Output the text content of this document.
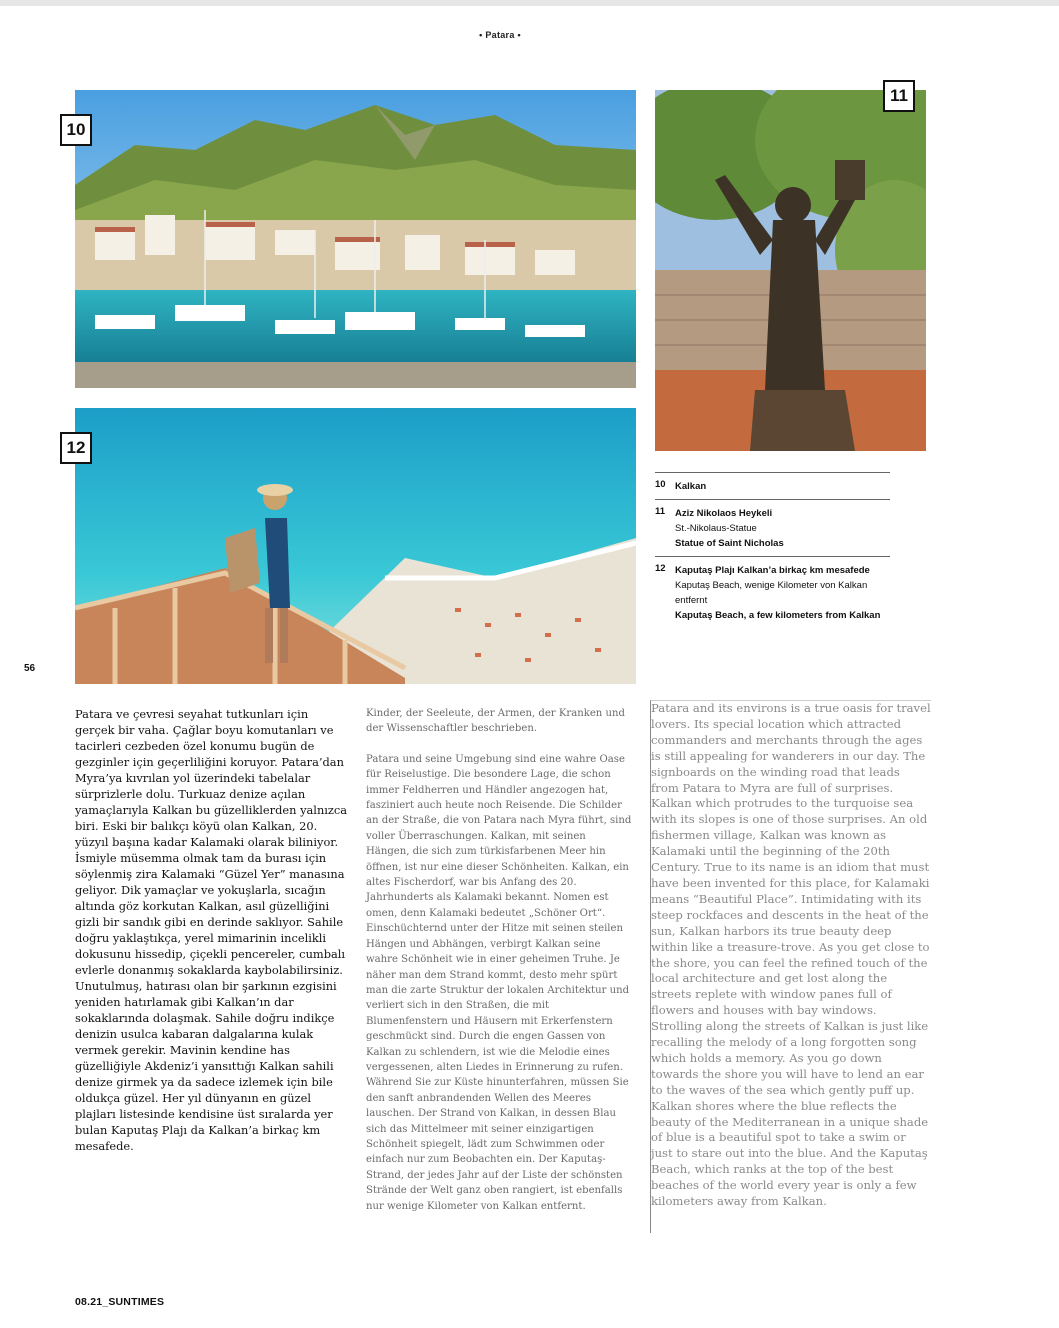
• Patara •
10
11
12
10 Kalkan
11	Aziz Nikolaos Heykeli
St.-Nikolaus-Statue
Statue of Saint Nicholas
12 Kaputaş Plajı Kalkan’a birkaç km mesafede
Kaputaş Beach, wenige Kilometer von Kalkan entfernt
Kaputaş Beach, a few kilometers from Kalkan
56

Patara ve çevresi seyahat tutkunları için gerçek bir vaha. Çağlar boyu komutanları ve tacirleri cezbeden özel konumu bugün de gezginler için geçerliliğini koruyor. Patara’dan Myra’ya kıvrılan yol üzerindeki tabelalar sürprizlerle dolu. Turkuaz denize açılan yamaçlarıyla Kalkan bu güzelliklerden yalnızca biri. Eski bir balıkçı köyü olan Kalkan, 20. yüzyıl başına kadar Kalamaki olarak biliniyor. İsmiyle müsemma olmak tam da burası için söylenmiş zira Kalamaki “Güzel Yer” manasına geliyor. Dik yamaçlar ve yokuşlarla, sıcağın altında göz korkutan Kalkan, asıl güzelliğini gizli bir sandık gibi en derinde saklıyor. Sahile doğru yaklaştıkça, yerel mimarinin incelikli dokusunu hissedip, çiçekli pencereler, cumbalı evlerle donanmış sokaklarda kaybolabilirsiniz. Unutulmuş, hatırası olan bir şarkının ezgisini yeniden hatırlamak gibi Kalkan’ın dar sokaklarında dolaşmak. Sahile doğru indikçe denizin usulca kabaran dalgalarına kulak vermek gerekir. Mavinin kendine has güzelliğiyle Akdeniz’i yansıttığı Kalkan sahili denize girmek ya da sadece izlemek için bile oldukça güzel. Her yıl dünyanın en güzel plajları listesinde kendisine üst sıralarda yer bulan Kaputaş Plajı da Kalkan’a birkaç km mesafede.

Kinder, der Seeleute, der Armen, der Kranken und der Wissenschaftler beschrieben.

Patara und seine Umgebung sind eine wahre Oase für Reiselustige. Die besondere Lage, die schon immer Feldherren und Händler angezogen hat, fasziniert auch heute noch Reisende. Die Schilder an der Straße, die von Patara nach Myra führt, sind voller Überraschungen. Kalkan, mit seinen Hängen, die sich zum türkisfarbenen Meer hin öffnen, ist nur eine dieser Schönheiten. Kalkan, ein altes Fischerdorf, war bis Anfang des 20. Jahrhunderts als Kalamaki bekannt. Nomen est omen, denn Kalamaki bedeutet „Schöner Ort“. Einschüchternd unter der Hitze mit seinen steilen Hängen und Abhängen, verbirgt Kalkan seine wahre Schönheit wie in einer geheimen Truhe. Je näher man dem Strand kommt, desto mehr spürt man die zarte Struktur der lokalen Architektur und verliert sich in den Straßen, die mit Blumenfenstern und Häusern mit Erkerfenstern geschmückt sind. Durch die engen Gassen von Kalkan zu schlendern, ist wie die Melodie eines vergessenen, alten Liedes in Erinnerung zu rufen. Während Sie zur Küste hinunterfahren, müssen Sie den sanft anbrandenden Wellen des Meeres lauschen. Der Strand von Kalkan, in dessen Blau sich das Mittelmeer mit seiner einzigartigen Schönheit spiegelt, lädt zum Schwimmen oder einfach nur zum Beobachten ein. Der Kaputaş-Strand, der jedes Jahr auf der Liste der schönsten Strände der Welt ganz oben rangiert, ist ebenfalls nur wenige Kilometer von Kalkan entfernt.

Patara and its environs is a true oasis for travel lovers. Its special location which attracted commanders and merchants through the ages is still appealing for wanderers in our day. The signboards on the winding road that leads from Patara to Myra are full of surprises. Kalkan which protrudes to the turquoise sea with its slopes is one of those surprises. An old fishermen village, Kalkan was known as Kalamaki until the beginning of the 20th Century. True to its name is an idiom that must have been invented for this place, for Kalamaki means “Beautiful Place”. Intimidating with its steep rockfaces and descents in the heat of the sun, Kalkan harbors its true beauty deep within like a treasure-trove. As you get close to the shore, you can feel the refined touch of the local architecture and get lost along the streets replete with window panes full of flowers and houses with bay windows. Strolling along the streets of Kalkan is just like recalling the melody of a long forgotten song which holds a memory. As you go down towards the shore you will have to lend an ear to the waves of the sea which gently puff up. Kalkan shores where the blue reflects the beauty of the Mediterranean in a unique shade of blue is a beautiful spot to take a swim or just to stare out into the blue. And the Kaputaş Beach, which ranks at the top of the best beaches of the world every year is only a few kilometers away from Kalkan.

08.21_SUNTIMES
